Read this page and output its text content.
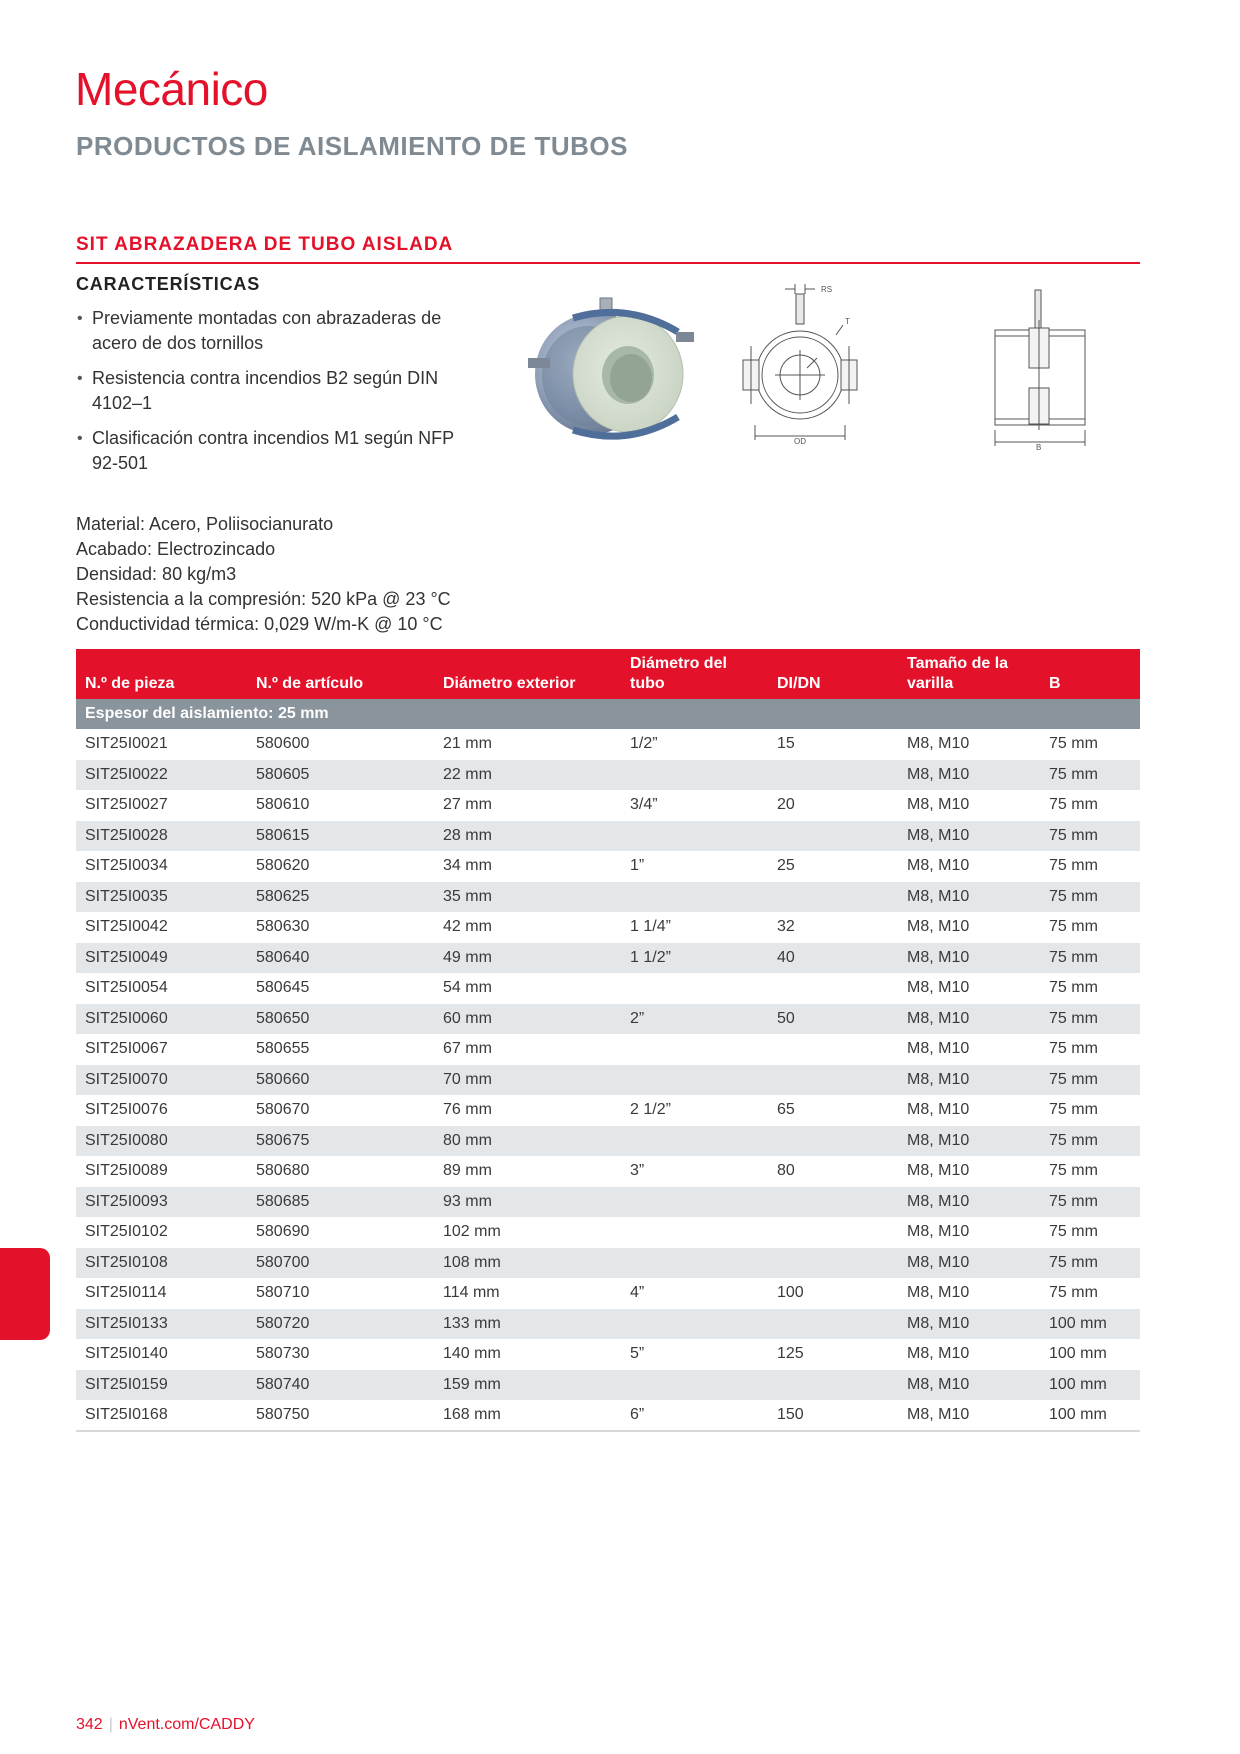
Mecánico
PRODUCTOS DE AISLAMIENTO DE TUBOS
SIT ABRAZADERA DE TUBO AISLADA
CARACTERÍSTICAS
• Previamente montadas con abrazaderas de acero de dos tornillos
• Resistencia contra incendios B2 según DIN 4102–1
• Clasificación contra incendios M1 según NFP 92-501
Material: Acero, Poliisocianurato
Acabado: Electrozincado
Densidad: 80 kg/m3
Resistencia a la compresión: 520 kPa @ 23 °C
Conductividad térmica: 0,029 W/m-K @ 10 °C
RS
T
OD
B
N.º de pieza	N.º de artículo	Diámetro exterior	Diámetro del tubo	DI/DN	Tamaño de la varilla	B
Espesor del aislamiento: 25 mm						
SIT25I0021	580600	21 mm	1/2”	15	M8, M10	75 mm
SIT25I0022	580605	22 mm			M8, M10	75 mm
SIT25I0027	580610	27 mm	3/4”	20	M8, M10	75 mm
SIT25I0028	580615	28 mm			M8, M10	75 mm
SIT25I0034	580620	34 mm	1”	25	M8, M10	75 mm
SIT25I0035	580625	35 mm			M8, M10	75 mm
SIT25I0042	580630	42 mm	1 1/4”	32	M8, M10	75 mm
SIT25I0049	580640	49 mm	1 1/2”	40	M8, M10	75 mm
SIT25I0054	580645	54 mm			M8, M10	75 mm
SIT25I0060	580650	60 mm	2”	50	M8, M10	75 mm
SIT25I0067	580655	67 mm			M8, M10	75 mm
SIT25I0070	580660	70 mm			M8, M10	75 mm
SIT25I0076	580670	76 mm	2 1/2”	65	M8, M10	75 mm
SIT25I0080	580675	80 mm			M8, M10	75 mm
SIT25I0089	580680	89 mm	3”	80	M8, M10	75 mm
SIT25I0093	580685	93 mm			M8, M10	75 mm
SIT25I0102	580690	102 mm			M8, M10	75 mm
SIT25I0108	580700	108 mm			M8, M10	75 mm
SIT25I0114	580710	114 mm	4”	100	M8, M10	75 mm
SIT25I0133	580720	133 mm			M8, M10	100 mm
SIT25I0140	580730	140 mm	5”	125	M8, M10	100 mm
SIT25I0159	580740	159 mm			M8, M10	100 mm
SIT25I0168	580750	168 mm	6”	150	M8, M10	100 mm
342 | nVent.com/CADDY
